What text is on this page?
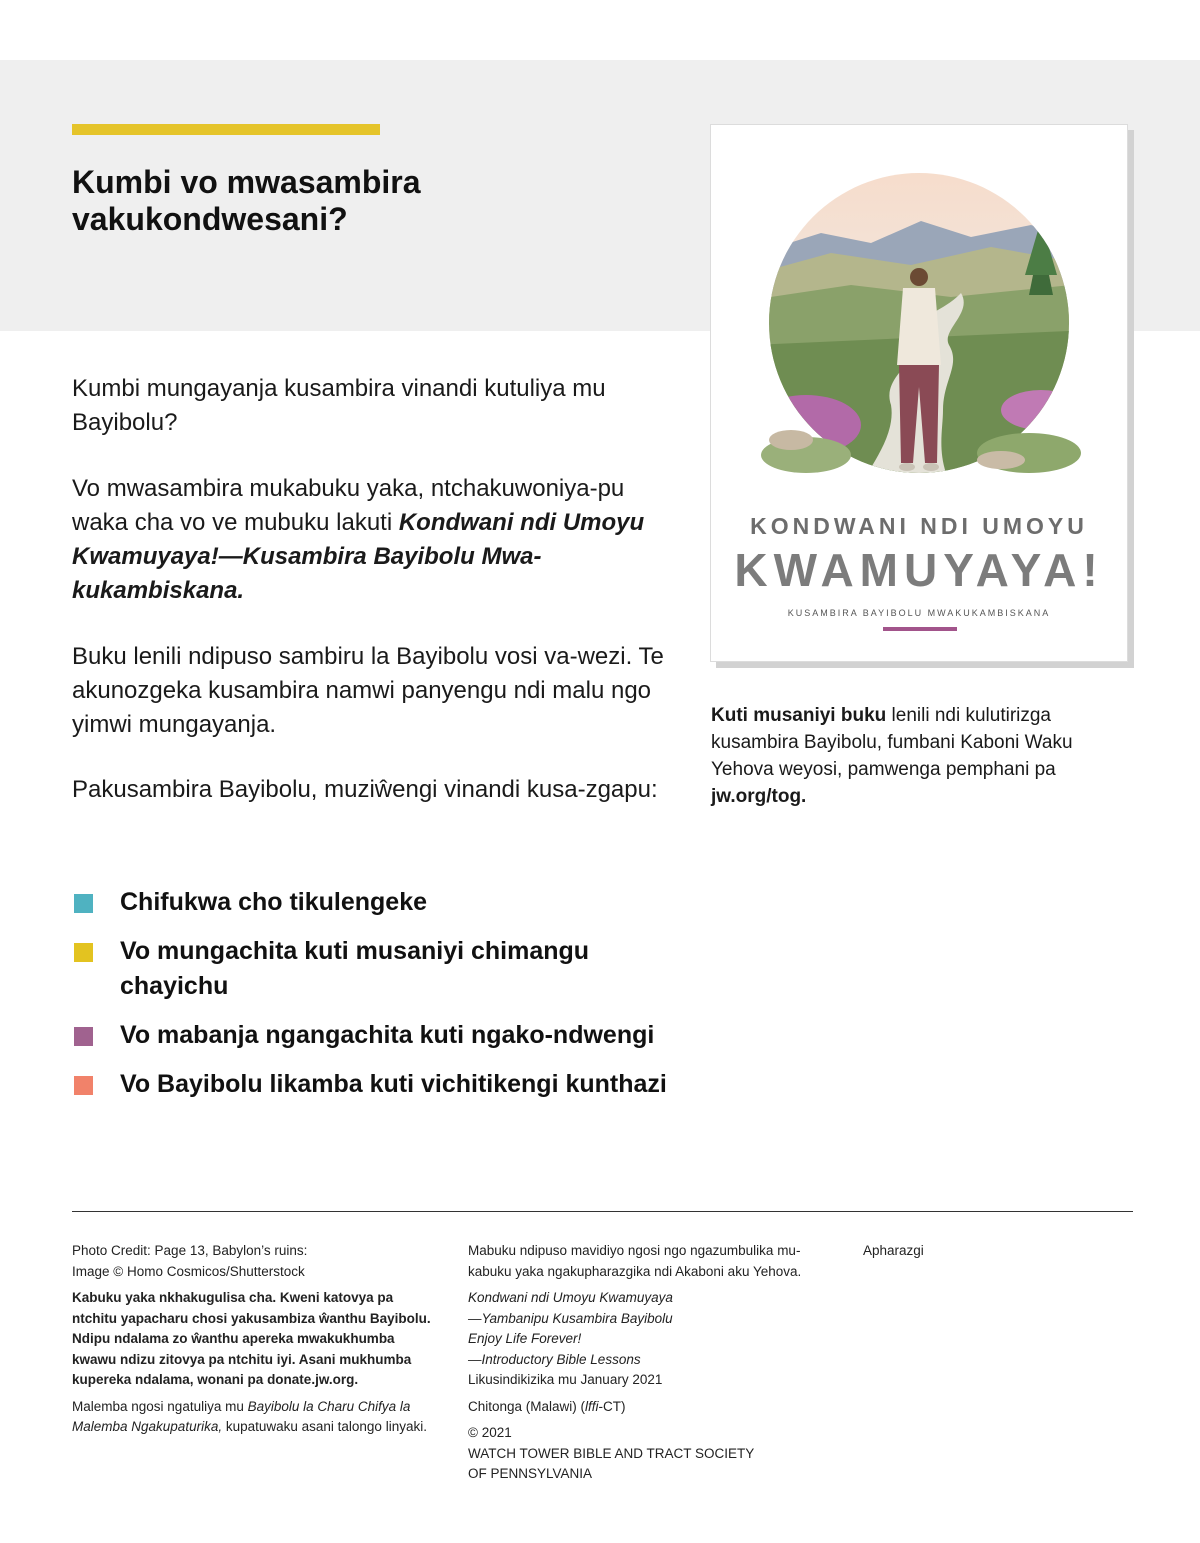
Kumbi vo mwasambira
vakukondwesani?

Kumbi mungayanja kusambira vinandi kutuliya mu Bayibolu?

Vo mwasambira mukabuku yaka, ntchakuwoniya-pu waka cha vo ve mubuku lakuti Kondwani ndi Umoyu Kwamuyaya!—Kusambira Bayibolu Mwa-kukambiskana.

Buku lenili ndipuso sambiru la Bayibolu vosi va-wezi. Te akunozgeka kusambira namwi panyengu ndi malu ngo yimwi mungayanja.

Pakusambira Bayibolu, muziŵengi vinandi kusa-zgapu:

Chifukwa cho tikulengeke
Vo mungachita kuti musaniyi chimangu chayichu
Vo mabanja ngangachita kuti ngako-ndwengi
Vo Bayibolu likamba kuti vichitikengi kunthazi
KONDWANI NDI UMOYU
KWAMUYAYA!
KUSAMBIRA BAYIBOLU MWAKUKAMBISKANA

Kuti musaniyi buku lenili ndi kulutirizga kusambira Bayibolu, fumbani Kaboni Waku Yehova weyosi, pamwenga pemphani pa jw.org/tog.

Photo Credit: Page 13, Babylon’s ruins:
Image © Homo Cosmicos/Shutterstock

Kabuku yaka nkhakugulisa cha. Kweni katovya pa ntchitu yapacharu chosi yakusambiza ŵanthu Bayibolu. Ndipu ndalama zo ŵanthu apereka mwakukhumba kwawu ndizu zitovya pa ntchitu iyi. Asani mukhumba kupereka ndalama, wonani pa donate.jw.org.

Malemba ngosi ngatuliya mu Bayibolu la Charu Chifya la Malemba Ngakupaturika, kupatuwaku asani talongo linyaki.

Mabuku ndipuso mavidiyo ngosi ngo ngazumbulika mu-kabuku yaka ngakupharazgika ndi Akaboni aku Yehova.

Kondwani ndi Umoyu Kwamuyaya
—Yambanipu Kusambira Bayibolu
Enjoy Life Forever!
—Introductory Bible Lessons
Likusindikizika mu January 2021

Chitonga (Malawi) (lffi-CT)

© 2021
WATCH TOWER BIBLE AND TRACT SOCIETY
OF PENNSYLVANIA

Apharazgi
